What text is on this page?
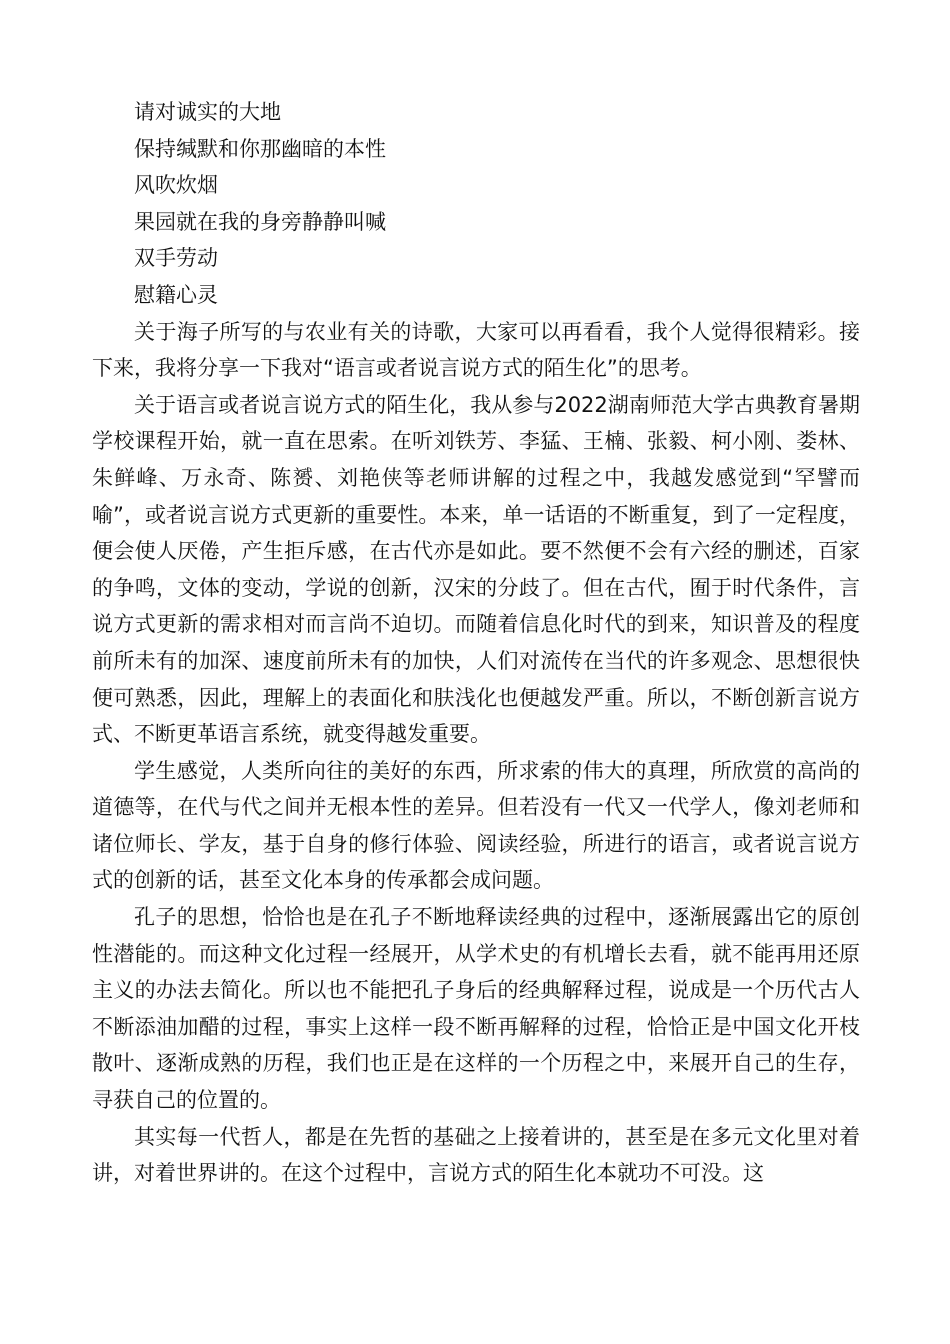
请对诚实的大地

保持缄默和你那幽暗的本性

风吹炊烟

果园就在我的身旁静静叫喊

双手劳动

慰籍心灵

关于海子所写的与农业有关的诗歌，大家可以再看看，我个人觉得很精彩。接下来，我将分享一下我对“语言或者说言说方式的陌生化”的思考。

关于语言或者说言说方式的陌生化，我从参与2022湖南师范大学古典教育暑期学校课程开始，就一直在思索。在听刘铁芳、李猛、王楠、张毅、柯小刚、娄林、朱鲜峰、万永奇、陈赟、刘艳侠等老师讲解的过程之中，我越发感觉到“罕譬而喻”，或者说言说方式更新的重要性。本来，单一话语的不断重复，到了一定程度，便会使人厌倦，产生拒斥感，在古代亦是如此。要不然便不会有六经的删述，百家的争鸣，文体的变动，学说的创新，汉宋的分歧了。但在古代，囿于时代条件，言说方式更新的需求相对而言尚不迫切。而随着信息化时代的到来，知识普及的程度前所未有的加深、速度前所未有的加快，人们对流传在当代的许多观念、思想很快便可熟悉，因此，理解上的表面化和肤浅化也便越发严重。所以，不断创新言说方式、不断更革语言系统，就变得越发重要。

学生感觉，人类所向往的美好的东西，所求索的伟大的真理，所欣赏的高尚的道德等，在代与代之间并无根本性的差异。但若没有一代又一代学人，像刘老师和诸位师长、学友，基于自身的修行体验、阅读经验，所进行的语言，或者说言说方式的创新的话，甚至文化本身的传承都会成问题。

孔子的思想，恰恰也是在孔子不断地释读经典的过程中，逐渐展露出它的原创性潜能的。而这种文化过程一经展开，从学术史的有机增长去看，就不能再用还原主义的办法去简化。所以也不能把孔子身后的经典解释过程，说成是一个历代古人不断添油加醋的过程，事实上这样一段不断再解释的过程，恰恰正是中国文化开枝散叶、逐渐成熟的历程，我们也正是在这样的一个历程之中，来展开自己的生存，寻获自己的位置的。

其实每一代哲人，都是在先哲的基础之上接着讲的，甚至是在多元文化里对着讲，对着世界讲的。在这个过程中，言说方式的陌生化本就功不可没。这
